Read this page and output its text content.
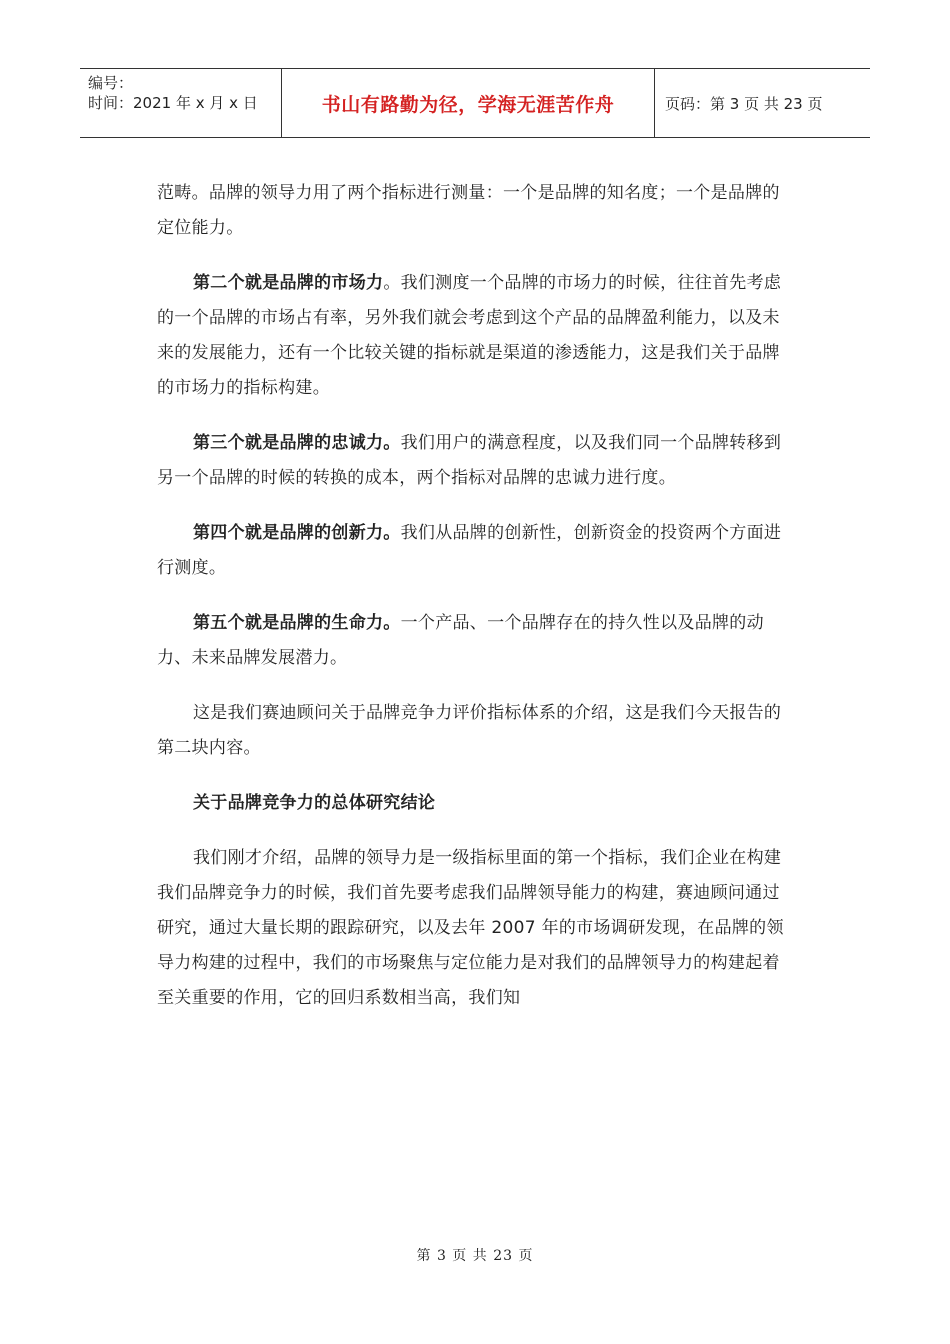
编号：
时间：2021 年 x 月 x 日	书山有路勤为径，学海无涯苦作舟	页码：第 3 页 共 23 页

范畴。品牌的领导力用了两个指标进行测量：一个是品牌的知名度；一个是品牌的定位能力。

第二个就是品牌的市场力。我们测度一个品牌的市场力的时候，往往首先考虑的一个品牌的市场占有率，另外我们就会考虑到这个产品的品牌盈利能力，以及未来的发展能力，还有一个比较关键的指标就是渠道的渗透能力，这是我们关于品牌的市场力的指标构建。

第三个就是品牌的忠诚力。我们用户的满意程度，以及我们同一个品牌转移到另一个品牌的时候的转换的成本，两个指标对品牌的忠诚力进行度。

第四个就是品牌的创新力。我们从品牌的创新性，创新资金的投资两个方面进行测度。

第五个就是品牌的生命力。一个产品、一个品牌存在的持久性以及品牌的动力、未来品牌发展潜力。

这是我们赛迪顾问关于品牌竞争力评价指标体系的介绍，这是我们今天报告的第二块内容。

关于品牌竞争力的总体研究结论

我们刚才介绍，品牌的领导力是一级指标里面的第一个指标，我们企业在构建我们品牌竞争力的时候，我们首先要考虑我们品牌领导能力的构建，赛迪顾问通过研究，通过大量长期的跟踪研究，以及去年 2007 年的市场调研发现，在品牌的领导力构建的过程中，我们的市场聚焦与定位能力是对我们的品牌领导力的构建起着至关重要的作用，它的回归系数相当高，我们知

第 3 页 共 23 页
